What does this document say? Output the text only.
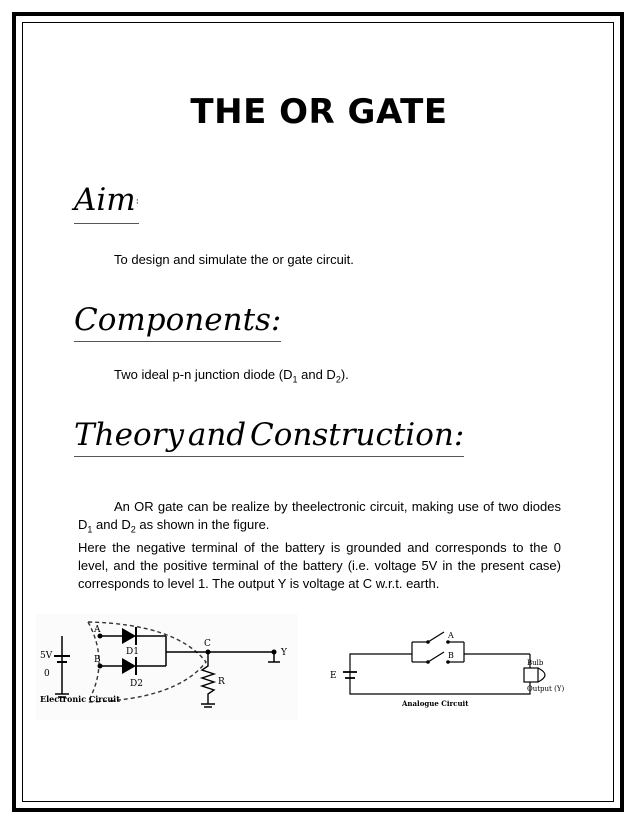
THE OR GATE
Aim:
To design and simulate the or gate circuit.
Components:
Two ideal p-n junction diode ($D_1$ and $D_2$).
Theory and Construction:

An OR gate can be realize by theelectronic circuit, making use of two diodes $D_1$ and $D_2$ as shown in the figure.

Here the negative terminal of the battery is grounded and corresponds to the 0 level, and the positive terminal of the battery (i.e. voltage 5V in the present case) corresponds to level 1. The output Y is voltage at C w.r.t. earth.

5V
0
A
B
D1
D2
C
Y
R
Electronic Circuit
E
A
B
Bulb
Output (Y)
Analogue Circuit
